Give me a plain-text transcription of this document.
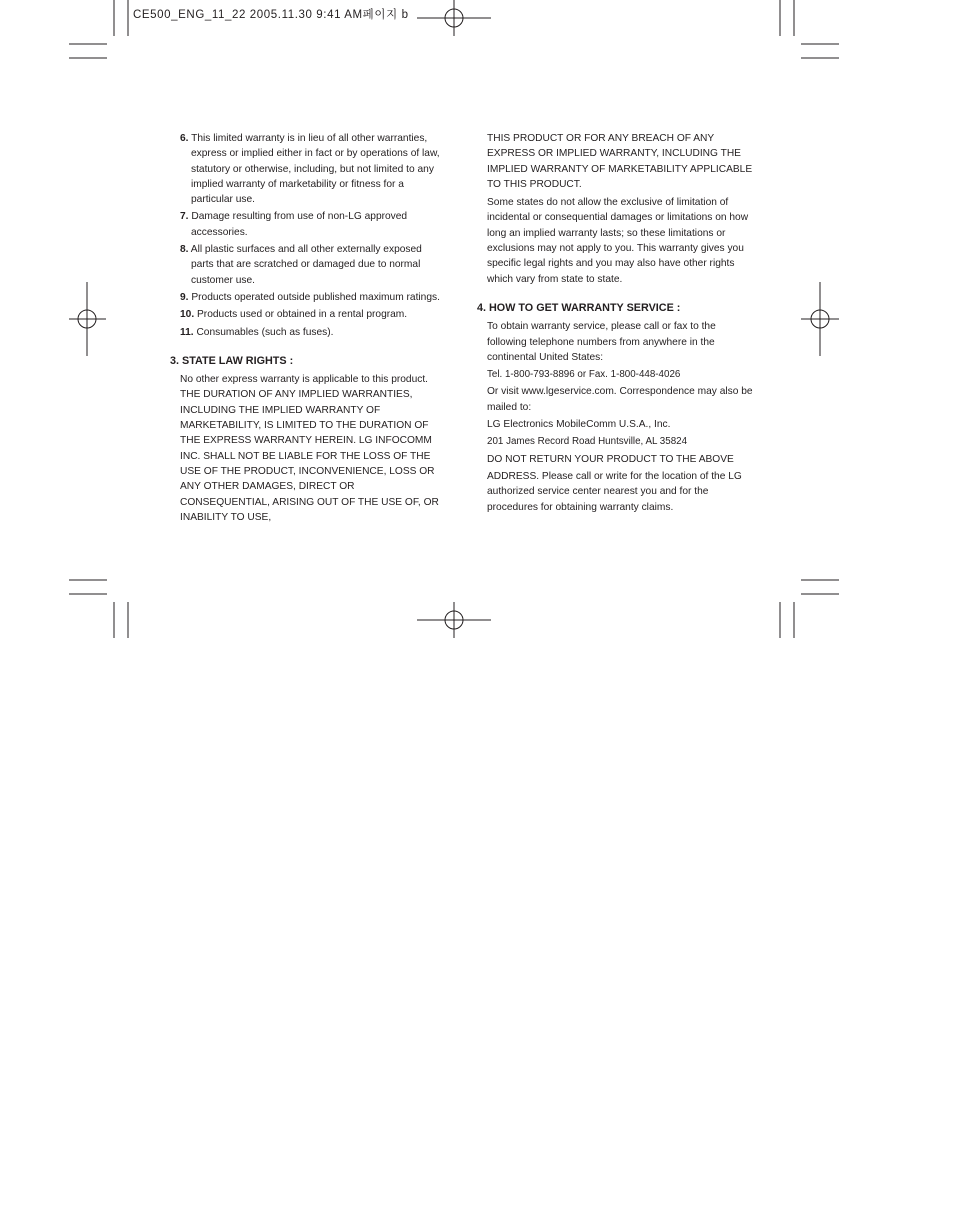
CE500_ENG_11_22 2005.11.30 9:41 AM페이지 b
6. This limited warranty is in lieu of all other warranties, express or implied either in fact or by operations of law, statutory or otherwise, including, but not limited to any implied warranty of marketability or fitness for a particular use.
7. Damage resulting from use of non-LG approved accessories.
8. All plastic surfaces and all other externally exposed parts that are scratched or damaged due to normal customer use.
9. Products operated outside published maximum ratings.
10. Products used or obtained in a rental program.
11. Consumables (such as fuses).
3. STATE LAW RIGHTS :

No other express warranty is applicable to this product. THE DURATION OF ANY IMPLIED WARRANTIES, INCLUDING THE IMPLIED WARRANTY OF MARKETABILITY, IS LIMITED TO THE DURATION OF THE EXPRESS WARRANTY HEREIN. LG INFOCOMM INC. SHALL NOT BE LIABLE FOR THE LOSS OF THE USE OF THE PRODUCT, INCONVENIENCE, LOSS OR ANY OTHER DAMAGES, DIRECT OR CONSEQUENTIAL, ARISING OUT OF THE USE OF, OR INABILITY TO USE,

THIS PRODUCT OR FOR ANY BREACH OF ANY EXPRESS OR IMPLIED WARRANTY, INCLUDING THE IMPLIED WARRANTY OF MARKETABILITY APPLICABLE TO THIS PRODUCT.

Some states do not allow the exclusive of limitation of incidental or consequential damages or limitations on how long an implied warranty lasts; so these limitations or exclusions may not apply to you. This warranty gives you specific legal rights and you may also have other rights which vary from state to state.

4. HOW TO GET WARRANTY SERVICE :

To obtain warranty service, please call or fax to the following telephone numbers from anywhere in the continental United States:

Tel. 1-800-793-8896 or Fax. 1-800-448-4026

Or visit www.lgeservice.com. Correspondence may also be mailed to:

LG Electronics MobileComm U.S.A., Inc.

201 James Record Road Huntsville, AL 35824

DO NOT RETURN YOUR PRODUCT TO THE ABOVE

ADDRESS. Please call or write for the location of the LG authorized service center nearest you and for the procedures for obtaining warranty claims.
